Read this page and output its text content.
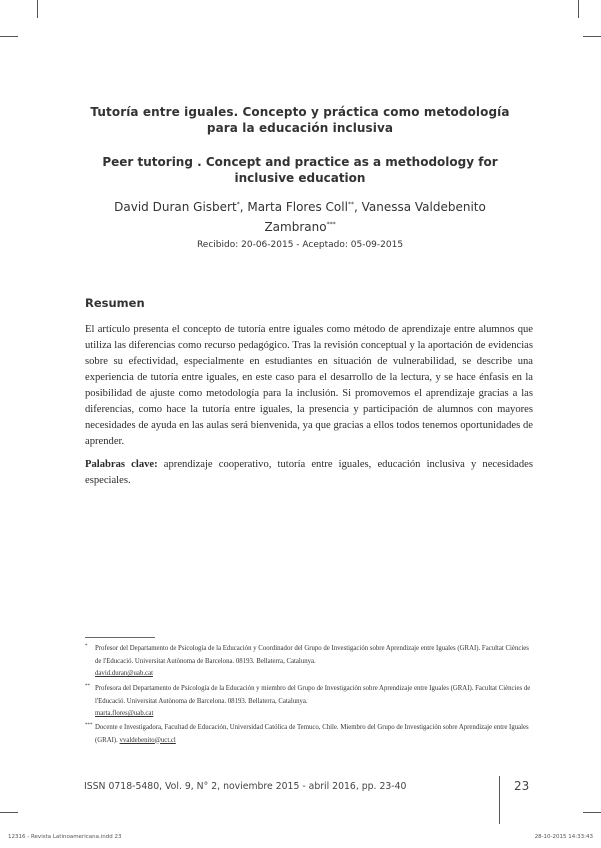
Tutoría entre iguales. Concepto y práctica como metodología
para la educación inclusiva
Peer tutoring . Concept and practice as a methodology for
inclusive education
David Duran Gisbert*, Marta Flores Coll**, Vanessa Valdebenito
Zambrano***
Recibido: 20-06-2015 - Aceptado: 05-09-2015
Resumen
El artículo presenta el concepto de tutoría entre iguales como método de aprendizaje entre alumnos que utiliza las diferencias como recurso pedagógico. Tras la revisión conceptual y la aportación de evidencias sobre su efectividad, especialmente en estudiantes en situación de vulnerabilidad, se describe una experiencia de tutoría entre iguales, en este caso para el desarrollo de la lectura, y se hace énfasis en la posibilidad de ajuste como metodología para la inclusión. Si promovemos el aprendizaje gracias a las diferencias, como hace la tutoría entre iguales, la presencia y participación de alumnos con mayores necesidades de ayuda en las aulas será bienvenida, ya que gracias a ellos todos tenemos oportunidades de aprender.
Palabras clave: aprendizaje cooperativo, tutoría entre iguales, educación inclusiva y necesidades especiales.
*	Profesor del Departamento de Psicología de la Educación y Coordinador del Grupo de Investigación sobre Aprendizaje entre Iguales (GRAI). Facultat Ciències de l'Educació. Universitat Autònoma de Barcelona. 08193. Bellaterra, Catalunya.
david.duran@uab.cat
** Profesora del Departamento de Psicología de la Educación y miembro del Grupo de Investigación sobre Aprendizaje entre Iguales (GRAI). Facultat Ciències de l'Educació. Universitat Autònoma de Barcelona. 08193. Bellaterra, Catalunya.
marta.flores@uab.cat
*** Docente e Investigadora, Facultad de Educación, Universidad Católica de Temuco, Chile. Miembro del Grupo de Investigación sobre Aprendizaje entre Iguales (GRAI). vvaldebenito@uct.cl
ISSN 0718-5480, Vol. 9, N° 2, noviembre 2015 - abril 2016, pp. 23-40	23
12316 - Revista Latinoamericana.indd 23	28-10-2015 14:33:43
